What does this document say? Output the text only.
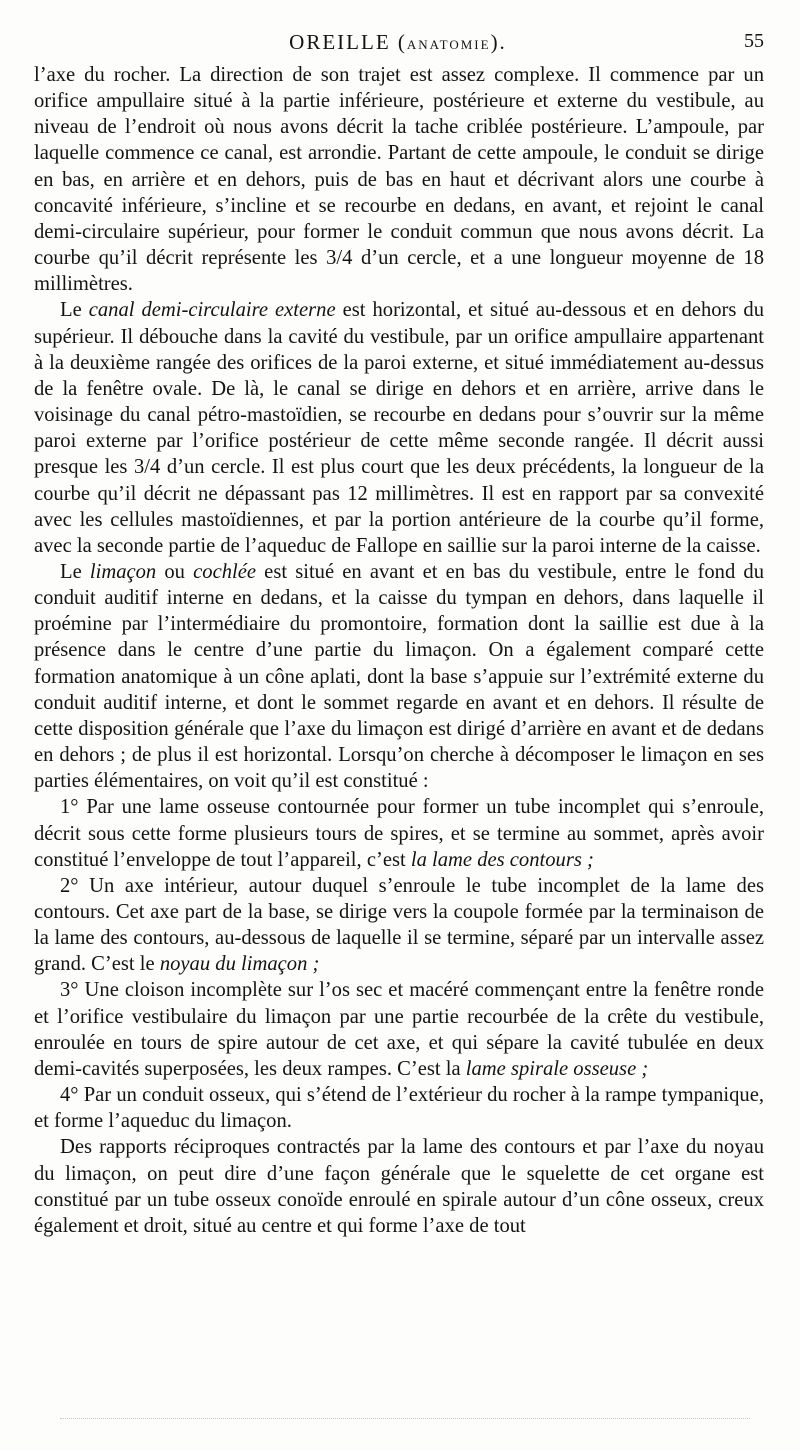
OREILLE (ANATOMIE).	55

l’axe du rocher. La direction de son trajet est assez complexe. Il commence par un orifice ampullaire situé à la partie inférieure, postérieure et externe du vestibule, au niveau de l’endroit où nous avons décrit la tache criblée postérieure. L’ampoule, par laquelle commence ce canal, est arrondie. Partant de cette ampoule, le conduit se dirige en bas, en arrière et en dehors, puis de bas en haut et décrivant alors une courbe à concavité inférieure, s’incline et se recourbe en dedans, en avant, et rejoint le canal demi-circulaire supérieur, pour former le conduit commun que nous avons décrit. La courbe qu’il décrit représente les 3/4 d’un cercle, et a une longueur moyenne de 18 millimètres.

Le canal demi-circulaire externe est horizontal, et situé au-dessous et en dehors du supérieur. Il débouche dans la cavité du vestibule, par un orifice ampullaire appartenant à la deuxième rangée des orifices de la paroi externe, et situé immédiatement au-dessus de la fenêtre ovale. De là, le canal se dirige en dehors et en arrière, arrive dans le voisinage du canal pétro-mastoïdien, se recourbe en dedans pour s’ouvrir sur la même paroi externe par l’orifice postérieur de cette même seconde rangée. Il décrit aussi presque les 3/4 d’un cercle. Il est plus court que les deux précédents, la longueur de la courbe qu’il décrit ne dépassant pas 12 millimètres. Il est en rapport par sa convexité avec les cellules mastoïdiennes, et par la portion antérieure de la courbe qu’il forme, avec la seconde partie de l’aqueduc de Fallope en saillie sur la paroi interne de la caisse.

Le limaçon ou cochlée est situé en avant et en bas du vestibule, entre le fond du conduit auditif interne en dedans, et la caisse du tympan en dehors, dans laquelle il proémine par l’intermédiaire du promontoire, formation dont la saillie est due à la présence dans le centre d’une partie du limaçon. On a également comparé cette formation anatomique à un cône aplati, dont la base s’appuie sur l’extrémité externe du conduit auditif interne, et dont le sommet regarde en avant et en dehors. Il résulte de cette disposition générale que l’axe du limaçon est dirigé d’arrière en avant et de dedans en dehors ; de plus il est horizontal. Lorsqu’on cherche à décomposer le limaçon en ses parties élémentaires, on voit qu’il est constitué :

1° Par une lame osseuse contournée pour former un tube incomplet qui s’enroule, décrit sous cette forme plusieurs tours de spires, et se termine au sommet, après avoir constitué l’enveloppe de tout l’appareil, c’est la lame des contours ;

2° Un axe intérieur, autour duquel s’enroule le tube incomplet de la lame des contours. Cet axe part de la base, se dirige vers la coupole formée par la terminaison de la lame des contours, au-dessous de laquelle il se termine, séparé par un intervalle assez grand. C’est le noyau du limaçon ;

3° Une cloison incomplète sur l’os sec et macéré commençant entre la fenêtre ronde et l’orifice vestibulaire du limaçon par une partie recourbée de la crête du vestibule, enroulée en tours de spire autour de cet axe, et qui sépare la cavité tubulée en deux demi-cavités superposées, les deux rampes. C’est la lame spirale osseuse ;

4° Par un conduit osseux, qui s’étend de l’extérieur du rocher à la rampe tympanique, et forme l’aqueduc du limaçon.

Des rapports réciproques contractés par la lame des contours et par l’axe du noyau du limaçon, on peut dire d’une façon générale que le squelette de cet organe est constitué par un tube osseux conoïde enroulé en spirale autour d’un cône osseux, creux également et droit, situé au centre et qui forme l’axe de tout
